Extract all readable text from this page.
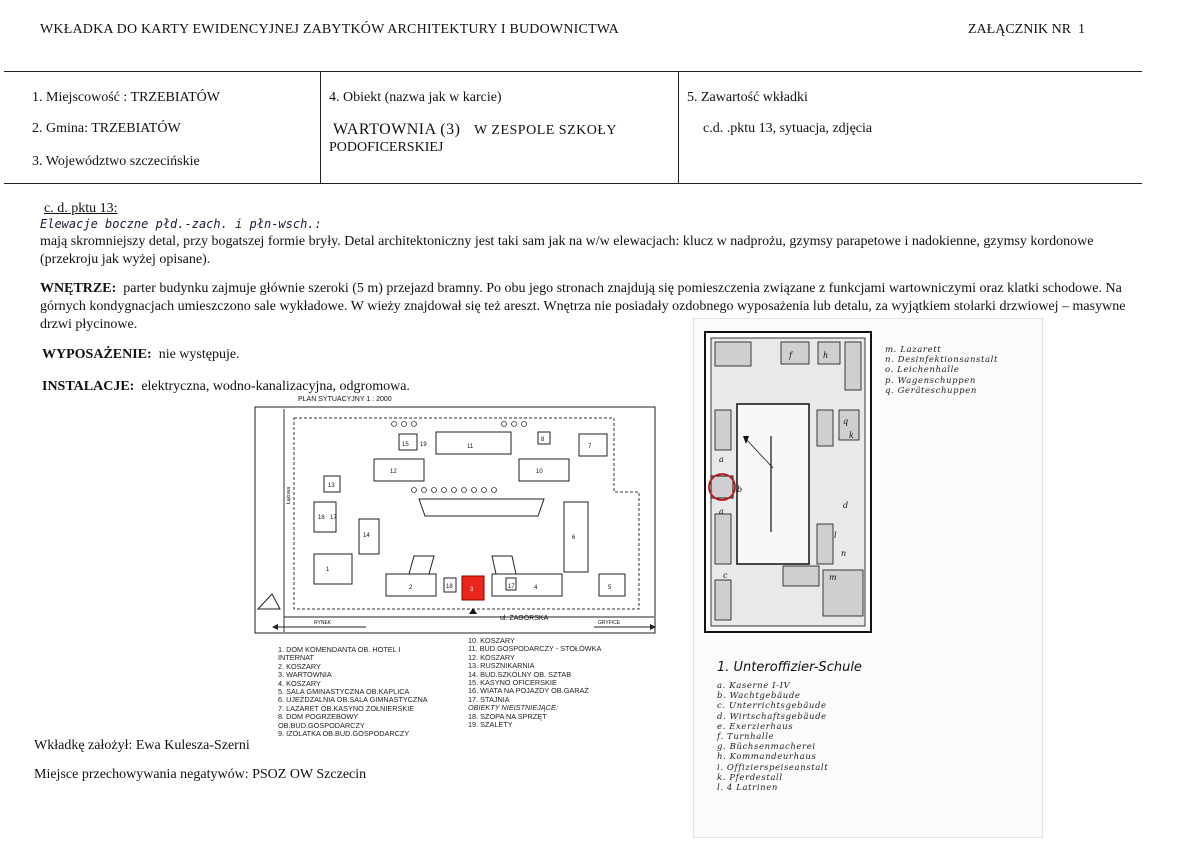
WKŁADKA DO KARTY EWIDENCYJNEJ ZABYTKÓW ARCHITEKTURY I BUDOWNICTWA	ZAŁĄCZNIK NR 1
1. Miejscowość : TRZEBIATÓW
2. Gmina: TRZEBIATÓW
3. Województwo szczecińskie
4. Obiekt (nazwa jak w karcie)
WARTOWNIA (3) W ZESPOLE SZKOŁY
PODOFICERSKIEJ
5. Zawartość wkładki
c.d. .pktu 13, sytuacja, zdjęcia
c. d. pktu 13:
Elewacje boczne płd.-zach. i płn-wsch.:
mają skromniejszy detal, przy bogatszej formie bryły. Detal architektoniczny jest taki sam jak na w/w elewacjach: klucz w nadprożu, gzymsy parapetowe i nadokienne, gzymsy kordonowe (przekroju jak wyżej opisane).
WNĘTRZE: parter budynku zajmuje głównie szeroki (5 m) przejazd bramny. Po obu jego stronach znajdują się pomieszczenia związane z funkcjami wartowniczymi oraz klatki schodowe. Na górnych kondygnacjach umieszczono sale wykładowe. W wieży znajdował się też areszt. Wnętrza nie posiadały ozdobnego wyposażenia lub detalu, za wyjątkiem stolarki drzwiowej – masywne drzwi płycinowe.
WYPOSAŻENIE: nie występuje.
INSTALACJE: elektryczna, wodno-kanalizacyjna, odgromowa.
PLAN SYTUACYJNY 1 : 2000
15 19	11
8
7
12	10
13
16 17
14	6
1
2	3	4	5
18	17
ul. ZAGÓRSKA
RYNEK	GRYFICE
Łąkowa
1. DOM KOMENDANTA OB. HOTEL I
INTERNAT
2. KOSZARY
3. WARTOWNIA
4. KOSZARY
5. SALA GMINASTYCZNA OB.KAPLICA
6. UJEŻDZALNIA OB.SALA GIMNASTYCZNA
7. LAZARET OB.KASYNO ŻOŁNIERSKIE
8. DOM POGRZEBOWY
OB.BUD.GOSPODARCZY
9. IZOLATKA OB.BUD.GOSPODARCZY
10. KOSZARY
11. BUD.GOSPODARCZY - STOŁÓWKA
12. KOSZARY
13. RUSZNIKARNIA
14. BUD.SZKOLNY OB. SZTAB
15. KASYNO OFICERSKIE
16. WIATA NA POJAZDY OB.GARAŻ
17. STAJNIA
OBIEKTY NIEISTNIEJĄCE:
18. SZOPA NA SPRZĘT
19. SZALETY
Wkładkę założył: Ewa Kulesza-Szerni
Miejsce przechowywania negatywów: PSOZ OW Szczecin
a
b
a
q
k
l
n
m
f	h
c
d
m. Lazarett
n. Desinfektionsanstalt
o. Leichenhalle
p. Wagenschuppen
q. Geräteschuppen
1. Unteroffizier-Schule
a. Kaserne I-IV
b. Wachtgebäude
c. Unterrichtsgebäude
d. Wirtschaftsgebäude
e. Exerzierhaus
f. Turnhalle
g. Büchsenmacherei
h. Kommandeurhaus
i. Offizierspeiseanstalt
k. Pferdestall
l. 4 Latrinen
